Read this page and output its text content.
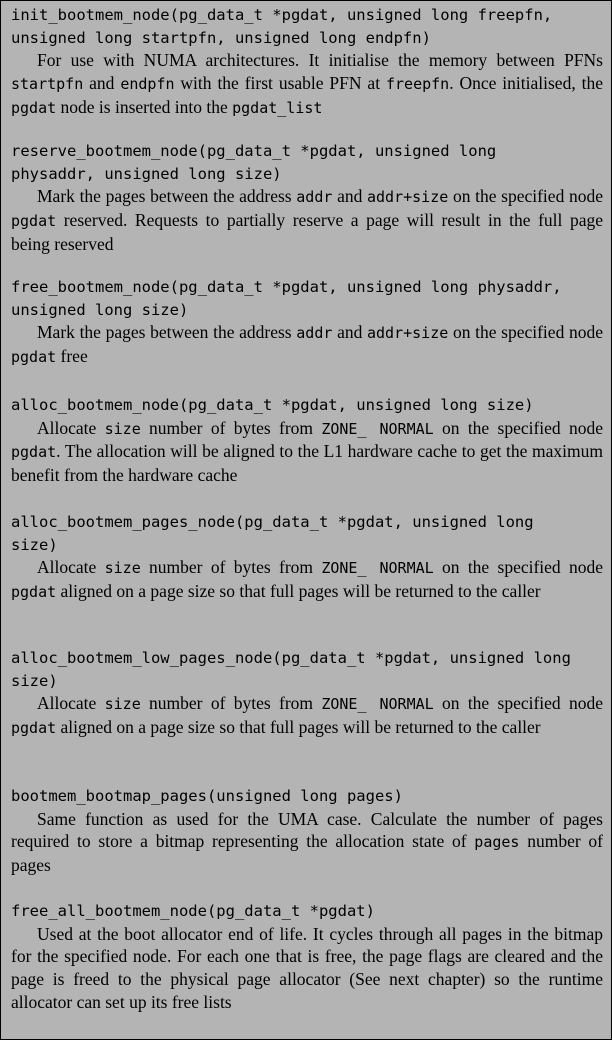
init_bootmem_node(pg_data_t *pgdat, unsigned long freepfn,
unsigned long startpfn, unsigned long endpfn)

For use with NUMA architectures. It initialise the memory between PFNs startpfn and endpfn with the first usable PFN at freepfn. Once initialised, the pgdat node is inserted into the pgdat_list

reserve_bootmem_node(pg_data_t *pgdat, unsigned long
physaddr, unsigned long size)

Mark the pages between the address addr and addr+size on the specified node pgdat reserved. Requests to partially reserve a page will result in the full page being reserved

free_bootmem_node(pg_data_t *pgdat, unsigned long physaddr,
unsigned long size)

Mark the pages between the address addr and addr+size on the specified node pgdat free

alloc_bootmem_node(pg_data_t *pgdat, unsigned long size)

Allocate size number of bytes from ZONE_ NORMAL on the specified node pgdat. The allocation will be aligned to the L1 hardware cache to get the maximum benefit from the hardware cache

alloc_bootmem_pages_node(pg_data_t *pgdat, unsigned long
size)

Allocate size number of bytes from ZONE_ NORMAL on the specified node pgdat aligned on a page size so that full pages will be returned to the caller

alloc_bootmem_low_pages_node(pg_data_t *pgdat, unsigned long
size)

Allocate size number of bytes from ZONE_ NORMAL on the specified node pgdat aligned on a page size so that full pages will be returned to the caller

bootmem_bootmap_pages(unsigned long pages)

Same function as used for the UMA case. Calculate the number of pages required to store a bitmap representing the allocation state of pages number of pages

free_all_bootmem_node(pg_data_t *pgdat)

Used at the boot allocator end of life. It cycles through all pages in the bitmap for the specified node. For each one that is free, the page flags are cleared and the page is freed to the physical page allocator (See next chapter) so the runtime allocator can set up its free lists
